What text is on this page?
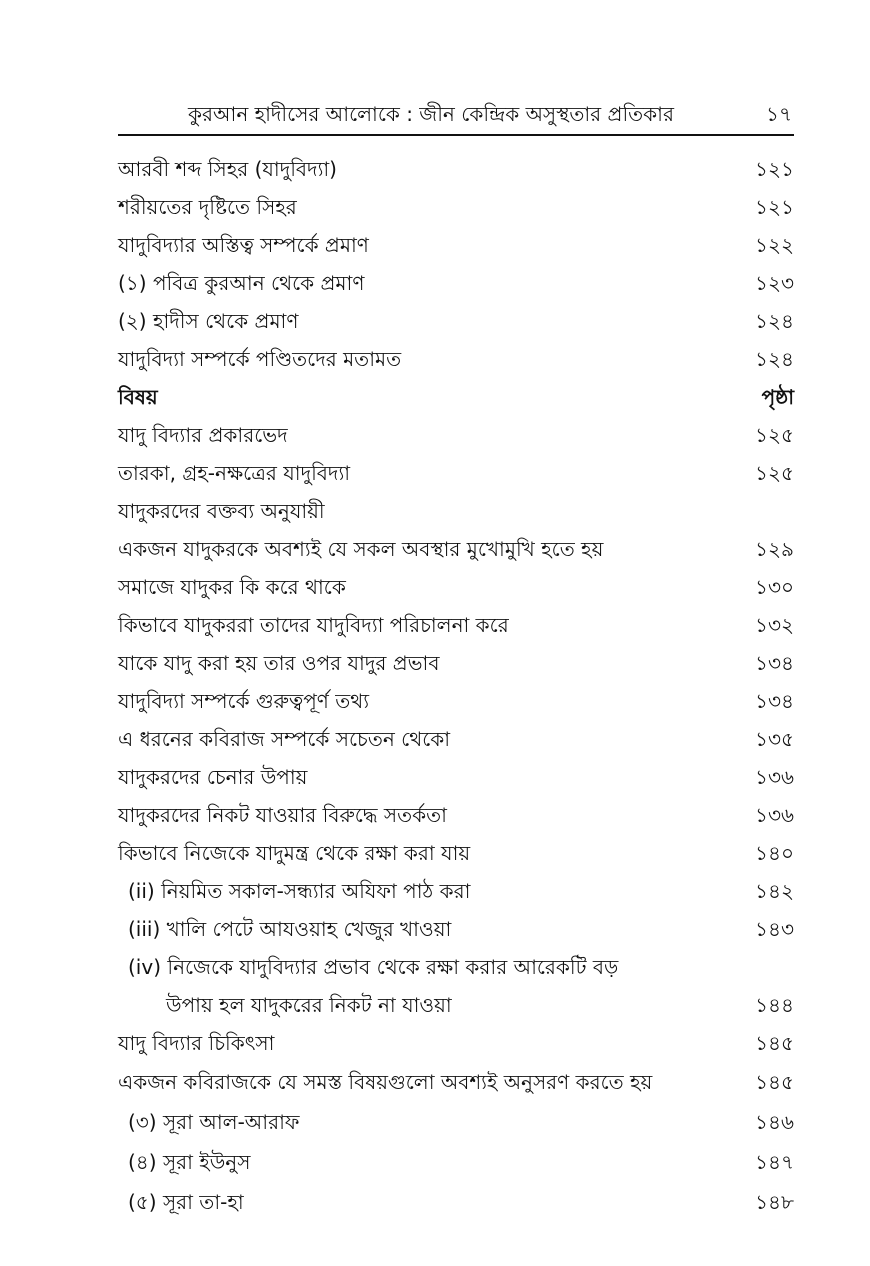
কুরআন হাদীসের আলোকে : জীন কেন্দ্রিক অসুস্থতার প্রতিকার	১৭
আরবী শব্দ সিহর (যাদুবিদ্যা)	১২১
শরীয়তের দৃষ্টিতে সিহর	১২১
যাদুবিদ্যার অস্তিত্ব সম্পর্কে প্রমাণ	১২২
(১) পবিত্র কুরআন থেকে প্রমাণ	১২৩
(২) হাদীস থেকে প্রমাণ	১২৪
যাদুবিদ্যা সম্পর্কে পণ্ডিতদের মতামত	১২৪
বিষয়	পৃষ্ঠা
যাদু বিদ্যার প্রকারভেদ	১২৫
তারকা, গ্রহ-নক্ষত্রের যাদুবিদ্যা	১২৫
যাদুকরদের বক্তব্য অনুযায়ী
একজন যাদুকরকে অবশ্যই যে সকল অবস্থার মুখোমুখি হতে হয়	১২৯
সমাজে যাদুকর কি করে থাকে	১৩০
কিভাবে যাদুকররা তাদের যাদুবিদ্যা পরিচালনা করে	১৩২
যাকে যাদু করা হয় তার ওপর যাদুর প্রভাব	১৩৪
যাদুবিদ্যা সম্পর্কে গুরুত্বপূর্ণ তথ্য	১৩৪
এ ধরনের কবিরাজ সম্পর্কে সচেতন থেকো	১৩৫
যাদুকরদের চেনার উপায়	১৩৬
যাদুকরদের নিকট যাওয়ার বিরুদ্ধে সতর্কতা	১৩৬
কিভাবে নিজেকে যাদুমন্ত্র থেকে রক্ষা করা যায়	১৪০
(ii) নিয়মিত সকাল-সন্ধ্যার অযিফা পাঠ করা	১৪২
(iii) খালি পেটে আযওয়াহ খেজুর খাওয়া	১৪৩
(iv) নিজেকে যাদুবিদ্যার প্রভাব থেকে রক্ষা করার আরেকটি বড়
উপায় হল যাদুকরের নিকট না যাওয়া	১৪৪
যাদু বিদ্যার চিকিৎসা	১৪৫
একজন কবিরাজকে যে সমস্ত বিষয়গুলো অবশ্যই অনুসরণ করতে হয়	১৪৫
(৩) সূরা আল-আরাফ	১৪৬
(৪) সূরা ইউনুস	১৪৭
(৫) সূরা তা-হা	১৪৮
